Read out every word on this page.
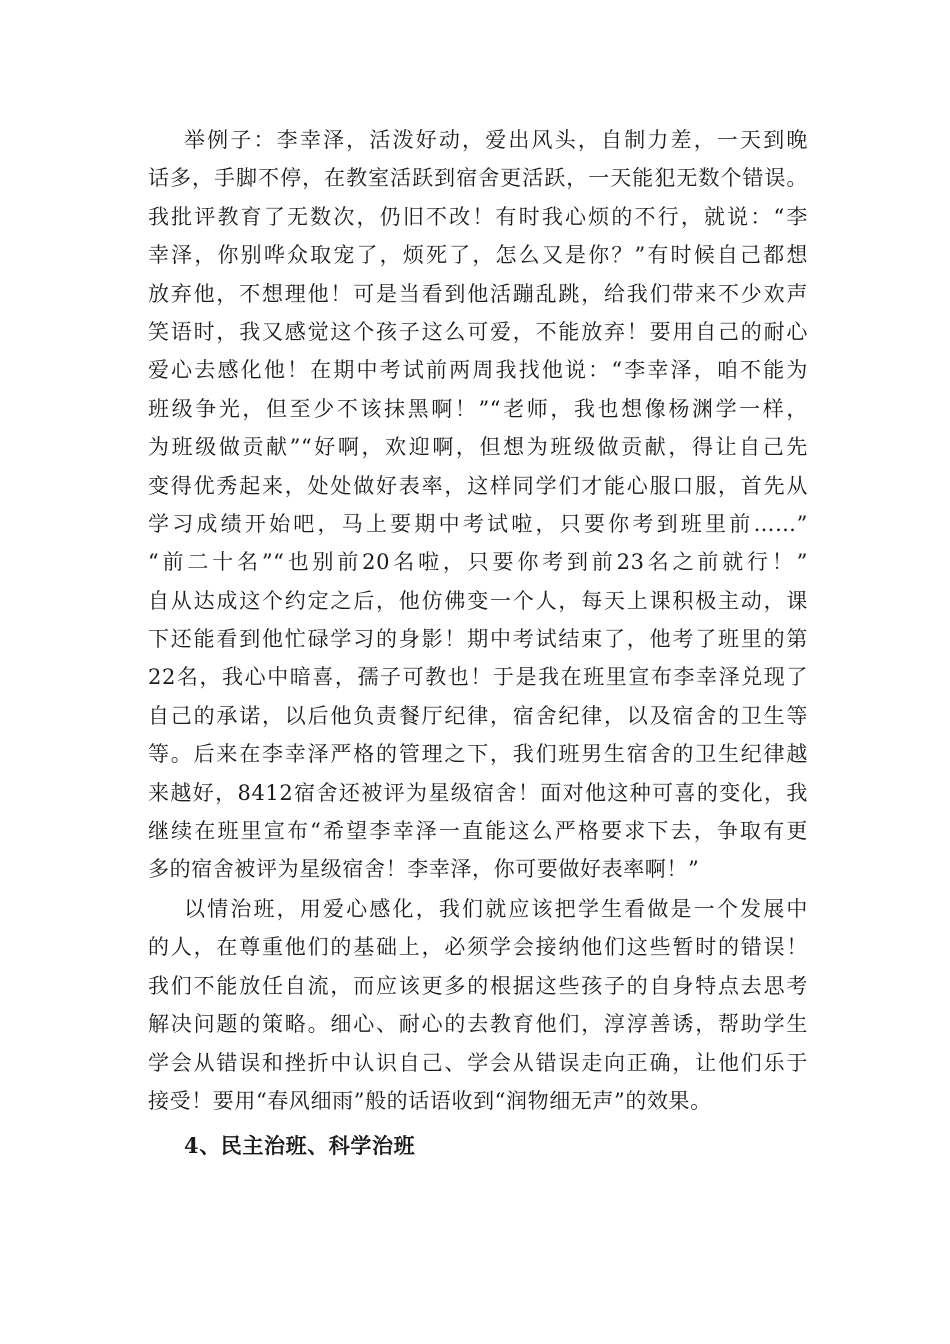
举例子：李幸泽，活泼好动，爱出风头，自制力差，一天到晚
话多，手脚不停，在教室活跃到宿舍更活跃，一天能犯无数个错误。
我批评教育了无数次，仍旧不改！有时我心烦的不行，就说：“李
幸泽，你别哗众取宠了，烦死了，怎么又是你？”有时候自己都想
放弃他，不想理他！可是当看到他活蹦乱跳，给我们带来不少欢声
笑语时，我又感觉这个孩子这么可爱，不能放弃！要用自己的耐心
爱心去感化他！在期中考试前两周我找他说：“李幸泽，咱不能为
班级争光，但至少不该抹黑啊！”“老师，我也想像杨渊学一样，
为班级做贡献”“好啊，欢迎啊，但想为班级做贡献，得让自己先
变得优秀起来，处处做好表率，这样同学们才能心服口服，首先从
学习成绩开始吧，马上要期中考试啦，只要你考到班里前……”
“前二十名”“也别前20名啦，只要你考到前23名之前就行！”
自从达成这个约定之后，他仿佛变一个人，每天上课积极主动，课
下还能看到他忙碌学习的身影！期中考试结束了，他考了班里的第
22名，我心中暗喜，孺子可教也！于是我在班里宣布李幸泽兑现了
自己的承诺，以后他负责餐厅纪律，宿舍纪律，以及宿舍的卫生等
等。后来在李幸泽严格的管理之下，我们班男生宿舍的卫生纪律越
来越好，8412宿舍还被评为星级宿舍！面对他这种可喜的变化，我
继续在班里宣布“希望李幸泽一直能这么严格要求下去，争取有更
多的宿舍被评为星级宿舍！李幸泽，你可要做好表率啊！”
以情治班，用爱心感化，我们就应该把学生看做是一个发展中
的人，在尊重他们的基础上，必须学会接纳他们这些暂时的错误！
我们不能放任自流，而应该更多的根据这些孩子的自身特点去思考
解决问题的策略。细心、耐心的去教育他们，淳淳善诱，帮助学生
学会从错误和挫折中认识自己、学会从错误走向正确，让他们乐于
接受！要用“春风细雨”般的话语收到“润物细无声”的效果。
4、民主治班、科学治班
